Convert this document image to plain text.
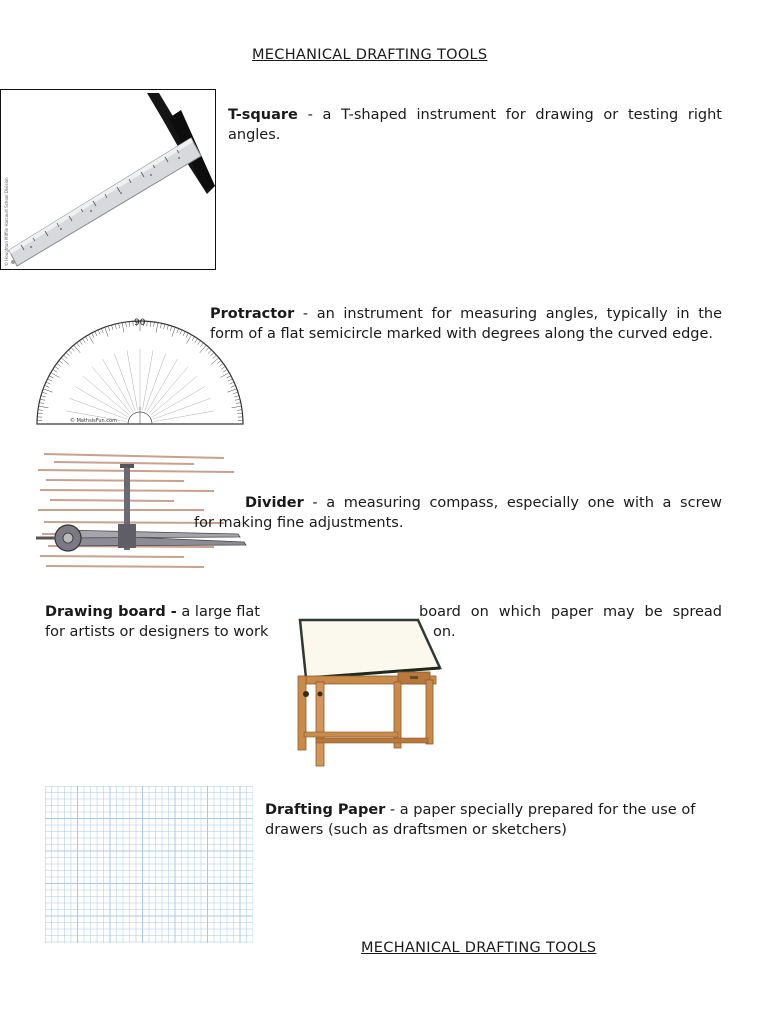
MECHANICAL DRAFTING TOOLS
© Houghton Mifflin Harcourt School Division
T-square - a T-shaped instrument for drawing or testing right angles.
90
© MathsIsFun.com
Protractor - an instrument for measuring angles, typically in the form of a flat semicircle marked with degrees along the curved edge.
Divider - a measuring compass, especially one with a screw
for making fine adjustments.
Drawing board - a large flat	board on which paper may be spread
for artists or designers to work	on.
Drafting Paper - a paper specially prepared for the use of drawers (such as draftsmen or sketchers)
MECHANICAL DRAFTING TOOLS
